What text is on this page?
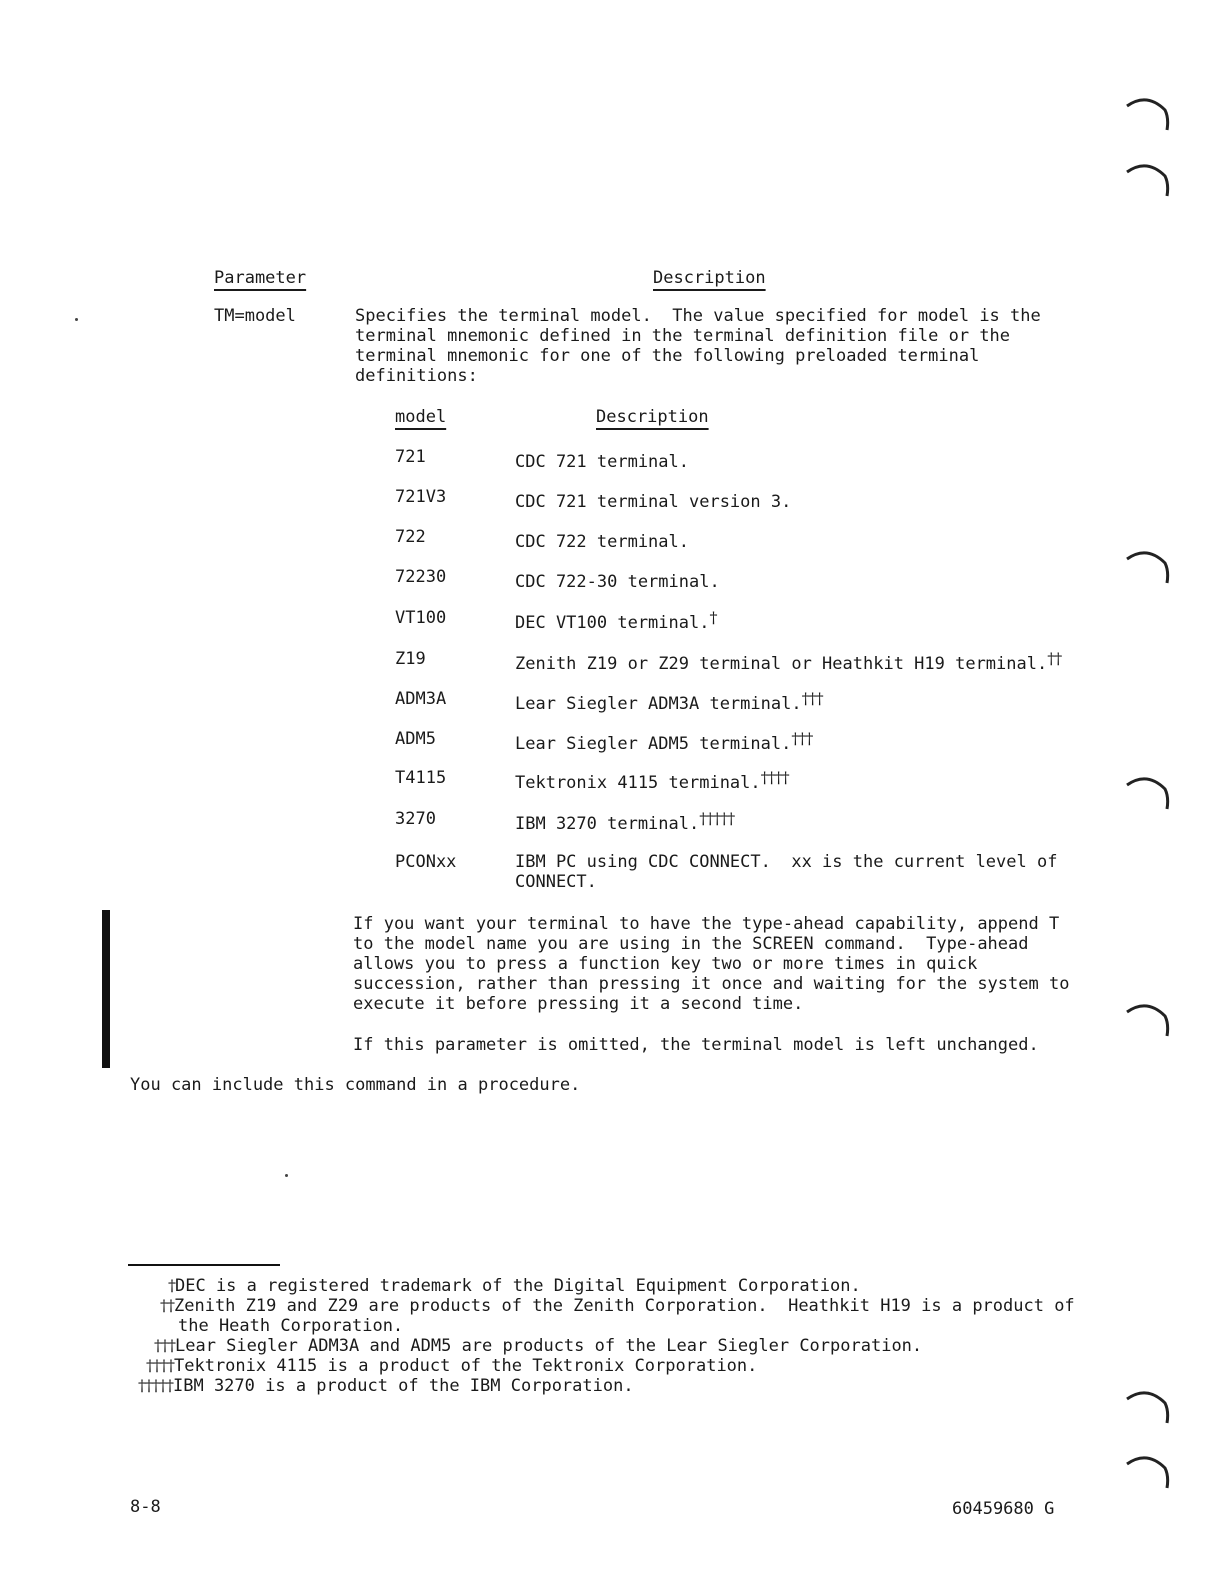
Parameter	Description
TM=model	Specifies the terminal model.  The value specified for model is the
terminal mnemonic defined in the terminal definition file or the
terminal mnemonic for one of the following preloaded terminal
definitions:
model	Description
721	CDC 721 terminal.
721V3	CDC 721 terminal version 3.
722	CDC 722 terminal.
72230	CDC 722-30 terminal.
VT100	DEC VT100 terminal.†
Z19	Zenith Z19 or Z29 terminal or Heathkit H19 terminal.††
ADM3A	Lear Siegler ADM3A terminal.†††
ADM5	Lear Siegler ADM5 terminal.†††
T4115	Tektronix 4115 terminal.††††
3270	IBM 3270 terminal.†††††
PCONxx	IBM PC using CDC CONNECT.  xx is the current level of
CONNECT.
If you want your terminal to have the type-ahead capability, append T
to the model name you are using in the SCREEN command.  Type-ahead
allows you to press a function key two or more times in quick
succession, rather than pressing it once and waiting for the system to
execute it before pressing it a second time.
If this parameter is omitted, the terminal model is left unchanged.
You can include this command in a procedure.
†DEC is a registered trademark of the Digital Equipment Corporation.
††Zenith Z19 and Z29 are products of the Zenith Corporation.  Heathkit H19 is a product of
the Heath Corporation.
†††Lear Siegler ADM3A and ADM5 are products of the Lear Siegler Corporation.
††††Tektronix 4115 is a product of the Tektronix Corporation.
†††††IBM 3270 is a product of the IBM Corporation.
8-8	60459680 G
